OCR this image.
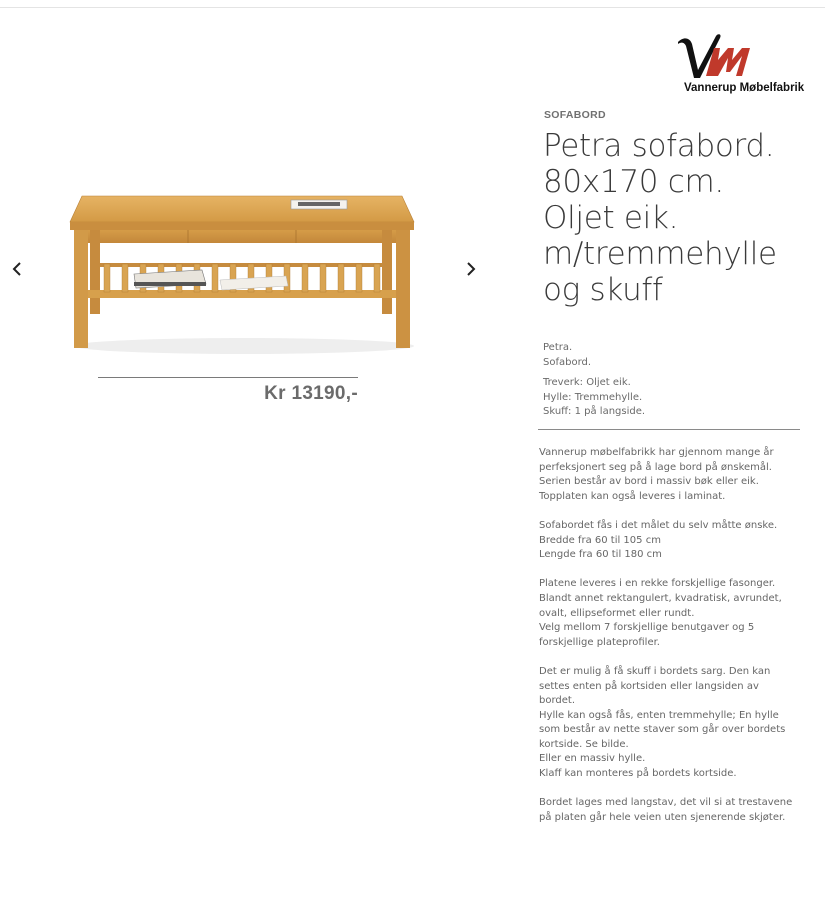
Vannerup Møbelfabrik
Kr 13190,-
SOFABORD
Petra sofabord.
80x170 cm.
Oljet eik.
m/tremmehylle
og skuff
Petra.
Sofabord.
Treverk: Oljet eik.
Hylle: Tremmehylle.
Skuff: 1 på langside.
Vannerup møbelfabrikk har gjennom mange år
perfeksjonert seg på å lage bord på ønskemål.
Serien består av bord i massiv bøk eller eik.
Topplaten kan også leveres i laminat.
Sofabordet fås i det målet du selv måtte ønske.
Bredde fra 60 til 105 cm
Lengde fra 60 til 180 cm
Platene leveres i en rekke forskjellige fasonger.
Blandt annet rektangulert, kvadratisk, avrundet,
ovalt, ellipseformet eller rundt.
Velg mellom 7 forskjellige benutgaver og 5
forskjellige plateprofiler.
Det er mulig å få skuff i bordets sarg. Den kan
settes enten på kortsiden eller langsiden av
bordet.
Hylle kan også fås, enten tremmehylle; En hylle
som består av nette staver som går over bordets
kortside. Se bilde.
Eller en massiv hylle.
Klaff kan monteres på bordets kortside.
Bordet lages med langstav, det vil si at trestavene
på platen går hele veien uten sjenerende skjøter.
